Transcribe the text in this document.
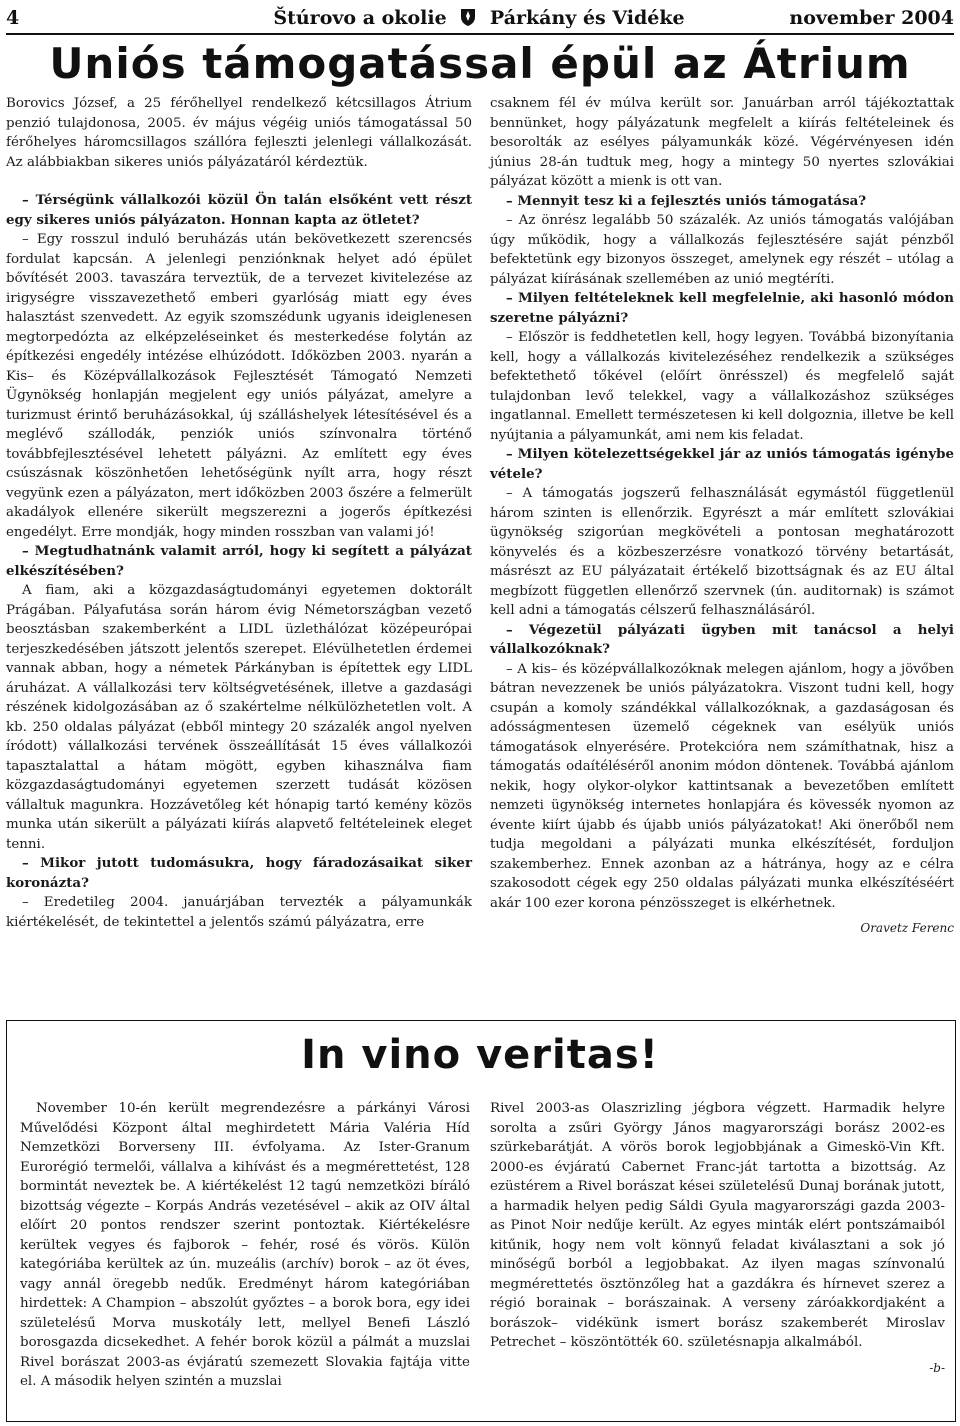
4	Štúrovo a okolie Párkány és Vidéke	november 2004
Uniós támogatással épül az Átrium

Borovics József, a 25 férőhellyel rendelkező kétcsillagos Átrium penzió tulajdonosa, 2005. év május végéig uniós támogatással 50 férőhelyes háromcsillagos szállóra fejleszti jelenlegi vállalkozását. Az alábbiakban sikeres uniós pályázatáról kérdeztük.

– Térségünk vállalkozói közül Ön talán elsőként vett részt egy sikeres uniós pályázaton. Honnan kapta az ötletet?

– Egy rosszul induló beruházás után bekövetkezett szerencsés fordulat kapcsán. A jelenlegi penziónknak helyet adó épület bővítését 2003. tavaszára terveztük, de a tervezet kivitelezése az irigységre visszavezethető emberi gyarlóság miatt egy éves halasztást szenvedett. Az egyik szomszédunk ugyanis ideiglenesen megtorpedózta az elképzeléseinket és mesterkedése folytán az építkezési engedély intézése elhúzódott. Időközben 2003. nyarán a Kis– és Középvállalkozások Fejlesztését Támogató Nemzeti Ügynökség honlapján megjelent egy uniós pályázat, amelyre a turizmust érintő beruházásokkal, új szálláshelyek létesítésével és a meglévő szállodák, penziók uniós színvonalra történő továbbfejlesztésével lehetett pályázni. Az említett egy éves csúszásnak köszönhetően lehetőségünk nyílt arra, hogy részt vegyünk ezen a pályázaton, mert időközben 2003 őszére a felmerült akadályok ellenére sikerült megszerezni a jogerős építkezési engedélyt. Erre mondják, hogy minden rosszban van valami jó!

– Megtudhatnánk valamit arról, hogy ki segített a pályázat elkészítésében?

A fiam, aki a közgazdaságtudományi egyetemen doktorált Prágában. Pályafutása során három évig Németországban vezető beosztásban szakemberként a LIDL üzlethálózat középeurópai terjeszkedésében játszott jelentős szerepet. Elévülhetetlen érdemei vannak abban, hogy a németek Párkányban is építettek egy LIDL áruházat. A vállalkozási terv költségvetésének, illetve a gazdasági részének kidolgozásában az ő szakértelme nélkülözhetetlen volt. A kb. 250 oldalas pályázat (ebből mintegy 20 százalék angol nyelven íródott) vállalkozási tervének összeállítását 15 éves vállalkozói tapasztalattal a hátam mögött, egyben kihasználva fiam közgazdaságtudományi egyetemen szerzett tudását közösen vállaltuk magunkra. Hozzávetőleg két hónapig tartó kemény közös munka után sikerült a pályázati kiírás alapvető feltételeinek eleget tenni.

– Mikor jutott tudomásukra, hogy fáradozásaikat siker koronázta?

– Eredetileg 2004. januárjában tervezték a pályamunkák kiértékelését, de tekintettel a jelentős számú pályázatra, erre

csaknem fél év múlva került sor. Januárban arról tájékoztattak bennünket, hogy pályázatunk megfelelt a kiírás feltételeinek és besorolták az esélyes pályamunkák közé. Végérvényesen idén június 28-án tudtuk meg, hogy a mintegy 50 nyertes szlovákiai pályázat között a mienk is ott van.

– Mennyit tesz ki a fejlesztés uniós támogatása?

– Az önrész legalább 50 százalék. Az uniós támogatás valójában úgy működik, hogy a vállalkozás fejlesztésére saját pénzből befektetünk egy bizonyos összeget, amelynek egy részét – utólag a pályázat kiírásának szellemében az unió megtéríti.

– Milyen feltételeknek kell megfelelnie, aki hasonló módon szeretne pályázni?

– Először is feddhetetlen kell, hogy legyen. Továbbá bizonyítania kell, hogy a vállalkozás kivitelezéséhez rendelkezik a szükséges befektethető tőkével (előírt önrésszel) és megfelelő saját tulajdonban levő telekkel, vagy a vállalkozáshoz szükséges ingatlannal. Emellett természetesen ki kell dolgoznia, illetve be kell nyújtania a pályamunkát, ami nem kis feladat.

– Milyen kötelezettségekkel jár az uniós támogatás igénybe vétele?

– A támogatás jogszerű felhasználását egymástól függetlenül három szinten is ellenőrzik. Egyrészt a már említett szlovákiai ügynökség szigorúan megkövételi a pontosan meghatározott könyvelés és a közbeszerzésre vonatkozó törvény betartását, másrészt az EU pályázatait értékelő bizottságnak és az EU által megbízott független ellenőrző szervnek (ún. auditornak) is számot kell adni a támogatás célszerű felhasználásáról.

– Végezetül pályázati ügyben mit tanácsol a helyi vállalkozóknak?

– A kis– és középvállalkozóknak melegen ajánlom, hogy a jövőben bátran nevezzenek be uniós pályázatokra. Viszont tudni kell, hogy csupán a komoly szándékkal vállalkozóknak, a gazdaságosan és adósságmentesen üzemelő cégeknek van esélyük uniós támogatások elnyerésére. Protekcióra nem számíthatnak, hisz a támogatás odaítéléséről anonim módon döntenek. Továbbá ajánlom nekik, hogy olykor-olykor kattintsanak a bevezetőben említett nemzeti ügynökség internetes honlapjára és kövessék nyomon az évente kiírt újabb és újabb uniós pályázatokat! Aki önerőből nem tudja megoldani a pályázati munka elkészítését, forduljon szakemberhez. Ennek azonban az a hátránya, hogy az e célra szakosodott cégek egy 250 oldalas pályázati munka elkészítéséért akár 100 ezer korona pénzösszeget is elkérhetnek.

Oravetz Ferenc
In vino veritas!

November 10-én került megrendezésre a párkányi Városi Művelődési Központ által meghirdetett Mária Valéria Híd Nemzetközi Borverseny III. évfolyama. Az Ister-Granum Eurorégió termelői, vállalva a kihívást és a megmérettetést, 128 bormintát neveztek be. A kiértékelést 12 tagú nemzetközi bíráló bizottság végezte – Korpás András vezetésével – akik az OIV által előírt 20 pontos rendszer szerint pontoztak. Kiértékelésre kerültek vegyes és fajborok – fehér, rosé és vörös. Külön kategóriába kerültek az ún. muzeális (archív) borok – az öt éves, vagy annál öregebb nedűk. Eredményt három kategóriában hirdettek: A Champion – abszolút győztes – a borok bora, egy idei születelésű Morva muskotály lett, mellyel Benefi László borosgazda dicsekedhet. A fehér borok közül a pálmát a muzslai Rivel borászat 2003-as évjáratú szemezett Slovakia fajtája vitte el. A második helyen szintén a muzslai

Rivel 2003-as Olaszrizling jégbora végzett. Harmadik helyre sorolta a zsűri György János magyarországi borász 2002-es szürkebarátját. A vörös borok legjobbjának a Gimeskö-Vin Kft. 2000-es évjáratú Cabernet Franc-ját tartotta a bizottság. Az ezüstérem a Rivel borászat kései születelésű Dunaj borának jutott, a harmadik helyen pedig Sáldi Gyula magyarországi gazda 2003-as Pinot Noir nedűje került. Az egyes minták elért pontszámaiból kitűnik, hogy nem volt könnyű feladat kiválasztani a sok jó minőségű borból a legjobbakat. Az ilyen magas színvonalú megmérettetés ösztönzőleg hat a gazdákra és hírnevet szerez a régió borainak – borászainak. A verseny záróakkordjaként a borászok– vidékünk ismert borász szakemberét Miroslav Petrechet – köszöntötték 60. születésnapja alkalmából.

-b-
